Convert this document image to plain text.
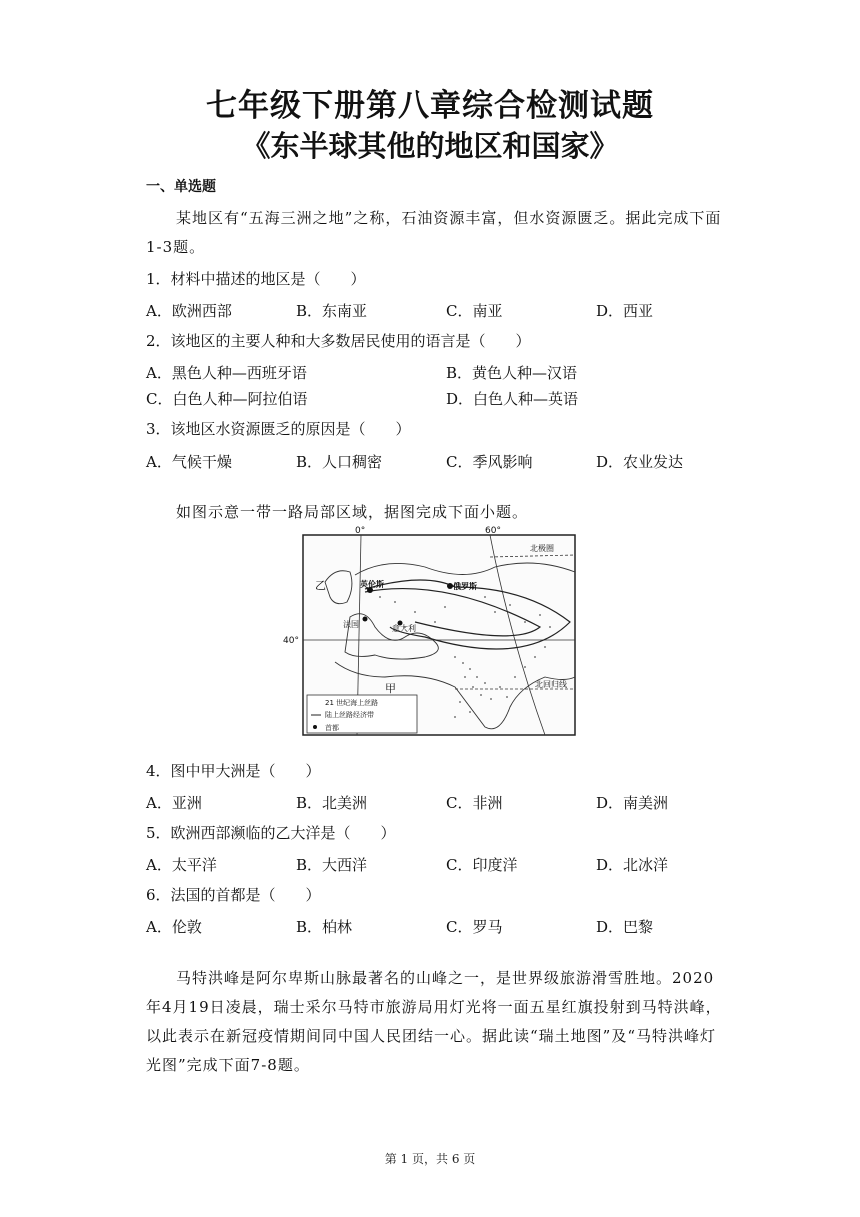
七年级下册第八章综合检测试题
《东半球其他的地区和国家》
一、单选题
某地区有“五海三洲之地”之称，石油资源丰富，但水资源匮乏。据此完成下面1-3题。
1．材料中描述的地区是（　　）
A．欧洲西部	B．东南亚	C．南亚	D．西亚
2．该地区的主要人种和大多数居民使用的语言是（　　）
A．黑色人种—西班牙语	B．黄色人种—汉语
C．白色人种—阿拉伯语	D．白色人种—英语
3．该地区水资源匮乏的原因是（　　）
A．气候干燥	B．人口稠密	C．季风影响	D．农业发达
如图示意一带一路局部区域，据图完成下面小题。
0°	60°
40°
北极圈
北回归线
乙
甲
英伦斯	俄罗斯
法国	意大利
21 世纪海上丝路
陆上丝路经济带
首都
4．图中甲大洲是（　　）
A．亚洲	B．北美洲	C．非洲	D．南美洲
5．欧洲西部濒临的乙大洋是（　　）
A．太平洋	B．大西洋	C．印度洋	D．北冰洋
6．法国的首都是（　　）
A．伦敦	B．柏林	C．罗马	D．巴黎
马特洪峰是阿尔卑斯山脉最著名的山峰之一，是世界级旅游滑雪胜地。2020年4月19日凌晨，瑞士采尔马特市旅游局用灯光将一面五星红旗投射到马特洪峰，以此表示在新冠疫情期间同中国人民团结一心。据此读“瑞土地图”及“马特洪峰灯光图”完成下面7-8题。
第 1 页，共 6 页
